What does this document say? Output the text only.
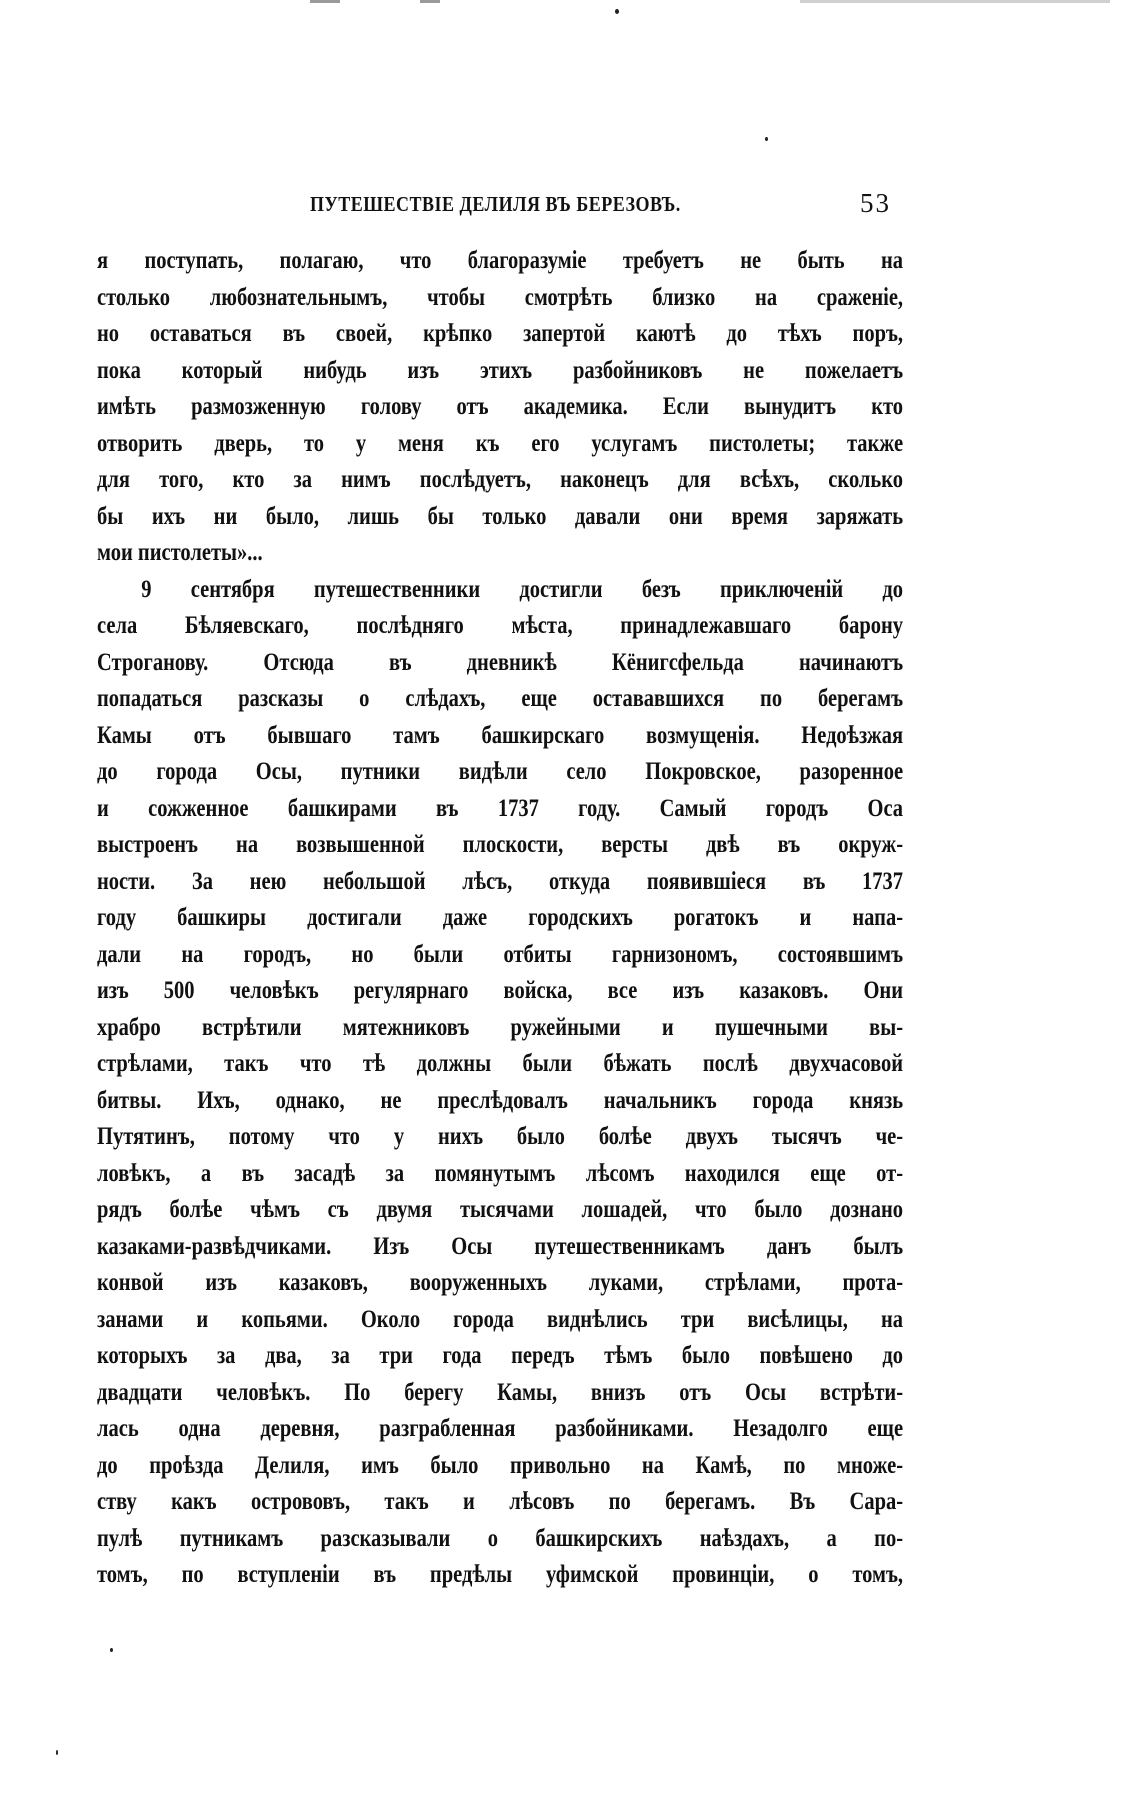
ПУТЕШЕСТВІЕ ДЕЛИЛЯ ВЪ БЕРЕЗОВЪ.	53
я поступать, полагаю, что благоразуміе требуетъ не быть на
столько любознательнымъ, чтобы смотрѣть близко на сраженіе,
но оставаться въ своей, крѣпко запертой каютѣ до тѣхъ поръ,
пока который нибудь изъ этихъ разбойниковъ не пожелаетъ
имѣть размозженную голову отъ академика. Если вынудитъ кто
отворить дверь, то у меня къ его услугамъ пистолеты; также
для того, кто за нимъ послѣдуетъ, наконецъ для всѣхъ, сколько
бы ихъ ни было, лишь бы только давали они время заряжать
мои пистолеты»...
9 сентября путешественники достигли безъ приключеній до
села Бѣляевскаго, послѣдняго мѣста, принадлежавшаго барону
Строганову. Отсюда въ дневникѣ Кёнигсфельда начинаютъ
попадаться разсказы о слѣдахъ, еще остававшихся по берегамъ
Камы отъ бывшаго тамъ башкирскаго возмущенія. Недоѣзжая
до города Осы, путники видѣли село Покровское, разоренное
и сожженное башкирами въ 1737 году. Самый городъ Оса
выстроенъ на возвышенной плоскости, версты двѣ въ окруж-
ности. За нею небольшой лѣсъ, откуда появившіеся въ 1737
году башкиры достигали даже городскихъ рогатокъ и напа-
дали на городъ, но были отбиты гарнизономъ, состоявшимъ
изъ 500 человѣкъ регулярнаго войска, все изъ казаковъ. Они
храбро встрѣтили мятежниковъ ружейными и пушечными вы-
стрѣлами, такъ что тѣ должны были бѣжать послѣ двухчасовой
битвы. Ихъ, однако, не преслѣдовалъ начальникъ города князь
Путятинъ, потому что у нихъ было болѣе двухъ тысячъ че-
ловѣкъ, а въ засадѣ за помянутымъ лѣсомъ находился еще от-
рядъ болѣе чѣмъ съ двумя тысячами лошадей, что было дознано
казаками-развѣдчиками. Изъ Осы путешественникамъ данъ былъ
конвой изъ казаковъ, вооруженныхъ луками, стрѣлами, прота-
занами и копьями. Около города виднѣлись три висѣлицы, на
которыхъ за два, за три года передъ тѣмъ было повѣшено до
двадцати человѣкъ. По берегу Камы, внизъ отъ Осы встрѣти-
лась одна деревня, разграбленная разбойниками. Незадолго еще
до проѣзда Делиля, имъ было привольно на Камѣ, по множе-
ству какъ острововъ, такъ и лѣсовъ по берегамъ. Въ Сара-
пулѣ путникамъ разсказывали о башкирскихъ наѣздахъ, а по-
томъ, по вступленіи въ предѣлы уфимской провинціи, о томъ,
